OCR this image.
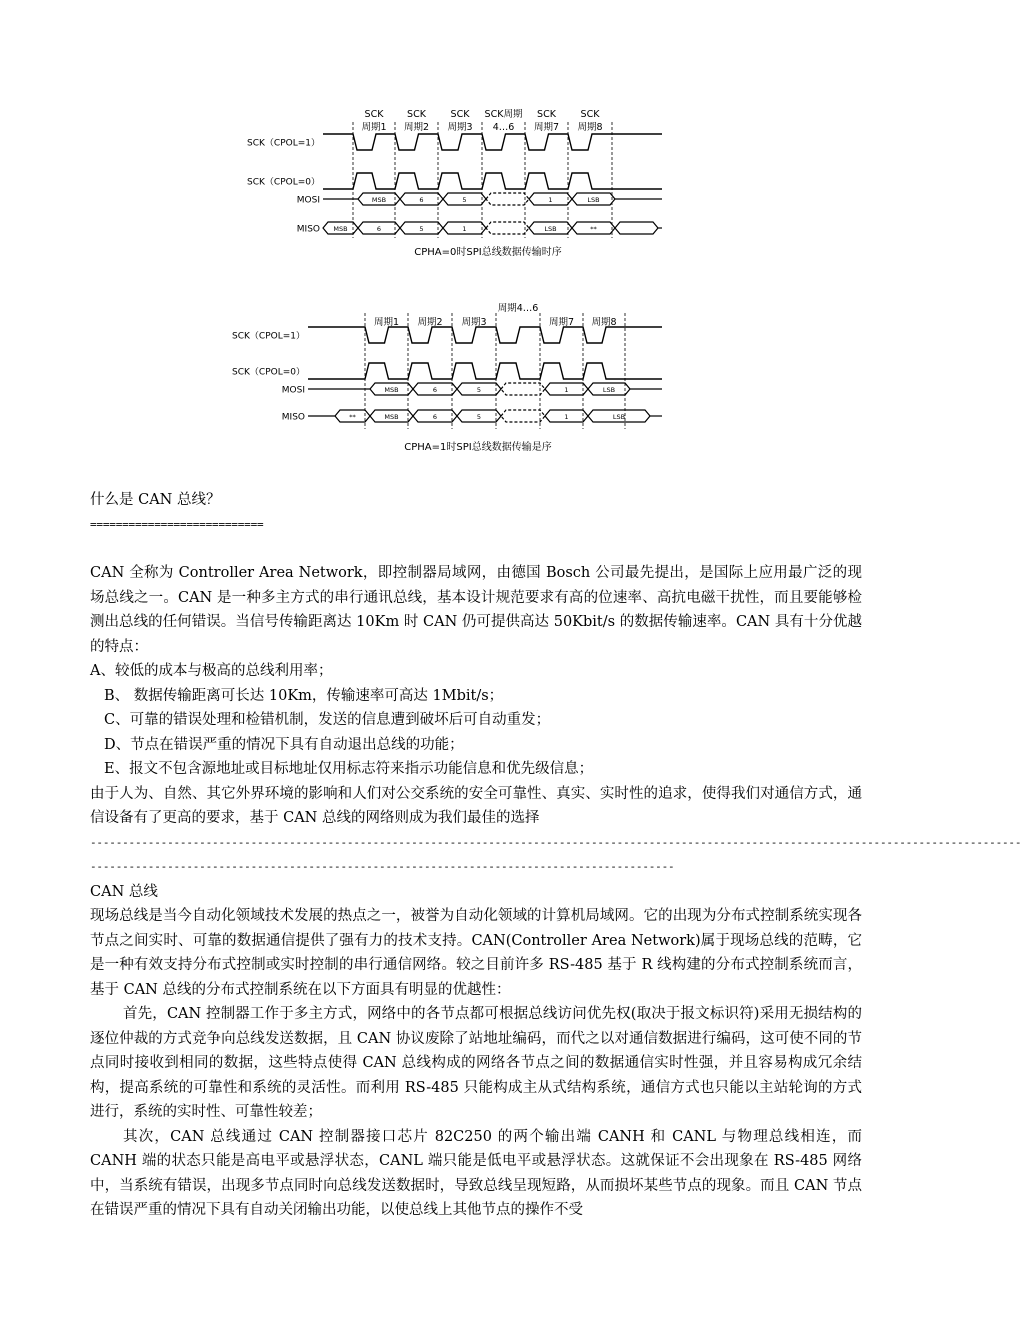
SCK
周期1
SCK
周期2
SCK
周期3
SCK周期
4…6
SCK
周期7
SCK
周期8
SCK（CPOL=1）
SCK（CPOL=0）
MOSI
MISO
MSB	6	5	1	LSB
MSB	6	5	1	LSB	**
CPHA=0时SPI总线数据传输时序
周期1 周期2 周期3
周期4…6
周期7 周期8
SCK（CPOL=1）
SCK（CPOL=0）
MOSI
MISO
MSB	6	5	1	LSB
**	MSB	6	5	1	LSB
CPHA=1时SPI总线数据传输是序

什么是 CAN 总线？

===========================

CAN 全称为 Controller Area Network，即控制器局域网，由德国 Bosch 公司最先提出，是国际上应用最广泛的现场总线之一。CAN 是一种多主方式的串行通讯总线，基本设计规范要求有高的位速率、高抗电磁干扰性，而且要能够检测出总线的任何错误。当信号传输距离达 10Km 时 CAN 仍可提供高达 50Kbit/s 的数据传输速率。CAN 具有十分优越的特点：

A、较低的成本与极高的总线利用率；

B、 数据传输距离可长达 10Km，传输速率可高达 1Mbit/s；

C、可靠的错误处理和检错机制，发送的信息遭到破坏后可自动重发；

D、节点在错误严重的情况下具有自动退出总线的功能；

E、报文不包含源地址或目标地址仅用标志符来指示功能信息和优先级信息；

由于人为、自然、其它外界环境的影响和人们对公交系统的安全可靠性、真实、实时性的追求，使得我们对通信方式，通信设备有了更高的要求，基于 CAN 总线的网络则成为我们最佳的选择

-------------------------------------------------------------------------------------------------------------------------------------------------

-------------------------------------------------------------------------------------------

CAN 总线

现场总线是当今自动化领域技术发展的热点之一，被誉为自动化领域的计算机局域网。它的出现为分布式控制系统实现各节点之间实时、可靠的数据通信提供了强有力的技术支持。CAN(Controller Area Network)属于现场总线的范畴，它是一种有效支持分布式控制或实时控制的串行通信网络。较之目前许多 RS-485 基于 R 线构建的分布式控制系统而言， 基于 CAN 总线的分布式控制系统在以下方面具有明显的优越性：

首先，CAN 控制器工作于多主方式，网络中的各节点都可根据总线访问优先权(取决于报文标识符)采用无损结构的逐位仲裁的方式竞争向总线发送数据，且 CAN 协议废除了站地址编码，而代之以对通信数据进行编码，这可使不同的节点同时接收到相同的数据，这些特点使得 CAN 总线构成的网络各节点之间的数据通信实时性强，并且容易构成冗余结构，提高系统的可靠性和系统的灵活性。而利用 RS-485 只能构成主从式结构系统，通信方式也只能以主站轮询的方式进行，系统的实时性、可靠性较差；

其次，CAN 总线通过 CAN 控制器接口芯片 82C250 的两个输出端 CANH 和 CANL 与物理总线相连，而 CANH 端的状态只能是高电平或悬浮状态，CANL 端只能是低电平或悬浮状态。这就保证不会出现象在 RS-485 网络中，当系统有错误，出现多节点同时向总线发送数据时，导致总线呈现短路，从而损坏某些节点的现象。而且 CAN 节点在错误严重的情况下具有自动关闭输出功能，以使总线上其他节点的操作不受
